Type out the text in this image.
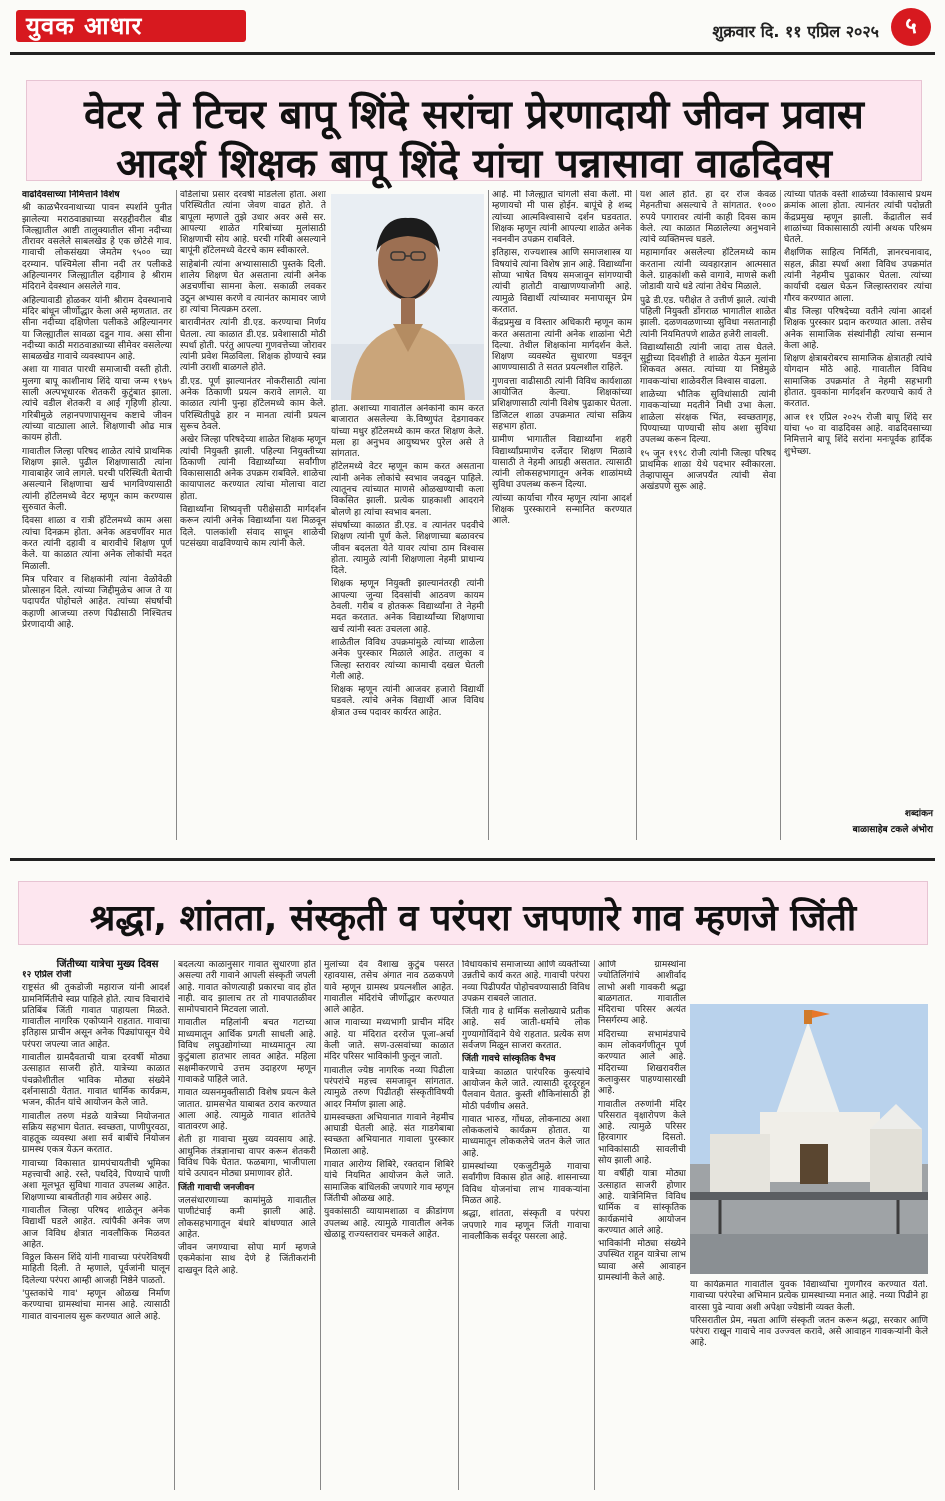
युवक आधार	शुक्रवार दि. ११ एप्रिल २०२५	५
वेटर ते टिचर बापू शिंदे सरांचा प्रेरणादायी जीवन प्रवास
आदर्श शिक्षक बापू शिंदे यांचा पन्नासावा वाढदिवस

वाढदिवसाच्या निमित्ताने विशेष

श्री काळभैरवनाथाच्या पावन स्पर्शाने पुनीत झालेल्या मराठवाड्याच्या सरहद्दीवरील बीड जिल्ह्यातील आष्टी तालुक्यातील सीना नदीच्या तीरावर वसलेले साबलखेड हे एक छोटेसे गाव. गावाची लोकसंख्या जेमतेम ९५०० च्या दरम्यान. पश्चिमेला सीना नदी तर पलीकडे अहिल्यानगर जिल्ह्यातील दहीगाव हे श्रीराम मंदिराने देवस्थान असलेले गाव.

अहिल्यावाडी होळकर यांनी श्रीराम देवस्थानाचे मंदिर बांधून जीर्णोद्धार केला असे म्हणतात. तर सीना नदीच्या दक्षिणेला पलीकडे अहिल्यानगर या जिल्ह्यातील सावळा दडून गाव. असा सीना नदीच्या काठी मराठवाड्याच्या सीमेवर वसलेल्या साबळखेड गावाचे व्यवस्थापन आहे.

अशा या गावात पारधी समाजाची वस्ती होती. मुलगा बापू काशीनाथ शिंदे याचा जन्म १९७५ साली अल्पभूधारक शेतकरी कुटुंबात झाला. त्यांचे वडील शेतकरी व आई गृहिणी होत्या. गरिबीमुळे लहानपणापासूनच कष्टाचे जीवन त्यांच्या वाट्याला आले. शिक्षणाची ओढ मात्र कायम होती.

गावातील जिल्हा परिषद शाळेत त्यांचे प्राथमिक शिक्षण झाले. पुढील शिक्षणासाठी त्यांना गावाबाहेर जावे लागले. घरची परिस्थिती बेताची असल्याने शिक्षणाचा खर्च भागविण्यासाठी त्यांनी हॉटेलमध्ये वेटर म्हणून काम करण्यास सुरुवात केली.

दिवसा शाळा व रात्री हॉटेलमध्ये काम असा त्यांचा दिनक्रम होता. अनेक अडचणींवर मात करत त्यांनी दहावी व बारावीचे शिक्षण पूर्ण केले. या काळात त्यांना अनेक लोकांची मदत मिळाली.

मित्र परिवार व शिक्षकांनी त्यांना वेळोवेळी प्रोत्साहन दिले. त्यांच्या जिद्दीमुळेच आज ते या पदापर्यंत पोहोचले आहेत. त्यांच्या संघर्षाची कहाणी आजच्या तरुण पिढीसाठी निश्चितच प्रेरणादायी आहे.

वडिलांचा प्रसार दरवर्षी मांडलेला होता. अशा परिस्थितीत त्यांना जेवण वाढत होते. ते बापूला म्हणाले तुझे उधार अवर असे सर. आपल्या शाळेत गरिबांच्या मुलांसाठी शिक्षणाची सोय आहे. घरची गरिबी असल्याने बापूंनी हॉटेलमध्ये वेटरचे काम स्वीकारले.

साहेबांनी त्यांना अभ्यासासाठी पुस्तके दिली. शालेय शिक्षण घेत असताना त्यांनी अनेक अडचणींचा सामना केला. सकाळी लवकर उठून अभ्यास करणे व त्यानंतर कामावर जाणे हा त्यांचा नित्यक्रम ठरला.

बारावीनंतर त्यांनी डी.एड. करण्याचा निर्णय घेतला. त्या काळात डी.एड. प्रवेशासाठी मोठी स्पर्धा होती. परंतु आपल्या गुणवत्तेच्या जोरावर त्यांनी प्रवेश मिळविला. शिक्षक होण्याचे स्वप्न त्यांनी उराशी बाळगले होते.

डी.एड. पूर्ण झाल्यानंतर नोकरीसाठी त्यांना अनेक ठिकाणी प्रयत्न करावे लागले. या काळात त्यांनी पुन्हा हॉटेलमध्ये काम केले. परिस्थितीपुढे हार न मानता त्यांनी प्रयत्न सुरूच ठेवले.

अखेर जिल्हा परिषदेच्या शाळेत शिक्षक म्हणून त्यांची नियुक्ती झाली. पहिल्या नियुक्तीच्या ठिकाणी त्यांनी विद्यार्थ्यांच्या सर्वांगीण विकासासाठी अनेक उपक्रम राबविले. शाळेचा कायापालट करण्यात त्यांचा मोलाचा वाटा होता.

विद्यार्थ्यांना शिष्यवृत्ती परीक्षेसाठी मार्गदर्शन करून त्यांनी अनेक विद्यार्थ्यांना यश मिळवून दिले. पालकांशी संवाद साधून शाळेची पटसंख्या वाढविण्याचे काम त्यांनी केले.

होता. अशाच्या गावातील अनेकांनी काम करत बाजारात असलेल्या के.विष्णुपंत देडगावकर यांच्या मधुर हॉटेलमध्ये काम करत शिक्षण केले. मला हा अनुभव आयुष्यभर पुरेल असे ते सांगतात.

हॉटेलमध्ये वेटर म्हणून काम करत असताना त्यांनी अनेक लोकांचे स्वभाव जवळून पाहिले. त्यातूनच त्यांच्यात माणसे ओळखण्याची कला विकसित झाली. प्रत्येक ग्राहकाशी आदराने बोलणे हा त्यांचा स्वभाव बनला.

संघर्षाच्या काळात डी.एड. व त्यानंतर पदवीचे शिक्षण त्यांनी पूर्ण केले. शिक्षणाच्या बळावरच जीवन बदलता येते यावर त्यांचा ठाम विश्वास होता. त्यामुळे त्यांनी शिक्षणाला नेहमी प्राधान्य दिले.

शिक्षक म्हणून नियुक्ती झाल्यानंतरही त्यांनी आपल्या जुन्या दिवसांची आठवण कायम ठेवली. गरीब व होतकरू विद्यार्थ्यांना ते नेहमी मदत करतात. अनेक विद्यार्थ्यांच्या शिक्षणाचा खर्च त्यांनी स्वतः उचलला आहे.

शाळेतील विविध उपक्रमांमुळे त्यांच्या शाळेला अनेक पुरस्कार मिळाले आहेत. तालुका व जिल्हा स्तरावर त्यांच्या कामाची दखल घेतली गेली आहे.

शिक्षक म्हणून त्यांनी आजवर हजारो विद्यार्थी घडवले. त्यांचे अनेक विद्यार्थी आज विविध क्षेत्रात उच्च पदावर कार्यरत आहेत.

आहे. मी जिल्ह्यात चांगली सेवा केली. मी म्हणायचो मी पास होईन. बापूंचे हे शब्द त्यांच्या आत्मविश्वासाचे दर्शन घडवतात. शिक्षक म्हणून त्यांनी आपल्या शाळेत अनेक नवनवीन उपक्रम राबविले.

इतिहास, राज्यशास्त्र आणि समाजशास्त्र या विषयांचे त्यांना विशेष ज्ञान आहे. विद्यार्थ्यांना सोप्या भाषेत विषय समजावून सांगण्याची त्यांची हातोटी वाखाणण्याजोगी आहे. त्यामुळे विद्यार्थी त्यांच्यावर मनापासून प्रेम करतात.

केंद्रप्रमुख व विस्तार अधिकारी म्हणून काम करत असताना त्यांनी अनेक शाळांना भेटी दिल्या. तेथील शिक्षकांना मार्गदर्शन केले. शिक्षण व्यवस्थेत सुधारणा घडवून आणण्यासाठी ते सतत प्रयत्नशील राहिले.

गुणवत्ता वाढीसाठी त्यांनी विविध कार्यशाळा आयोजित केल्या. शिक्षकांच्या प्रशिक्षणासाठी त्यांनी विशेष पुढाकार घेतला. डिजिटल शाळा उपक्रमात त्यांचा सक्रिय सहभाग होता.

ग्रामीण भागातील विद्यार्थ्यांना शहरी विद्यार्थ्यांप्रमाणेच दर्जेदार शिक्षण मिळावे यासाठी ते नेहमी आग्रही असतात. त्यासाठी त्यांनी लोकसहभागातून अनेक शाळांमध्ये सुविधा उपलब्ध करून दिल्या.

त्यांच्या कार्याचा गौरव म्हणून त्यांना आदर्श शिक्षक पुरस्काराने सन्मानित करण्यात आले.

यश आले होते. हा दर रोज केवळ मेहनतीचा असल्याचे ते सांगतात. १००० रुपये पगारावर त्यांनी काही दिवस काम केले. त्या काळात मिळालेल्या अनुभवाने त्यांचे व्यक्तिमत्त्व घडले.

महामार्गावर असलेल्या हॉटेलमध्ये काम करताना त्यांनी व्यवहारज्ञान आत्मसात केले. ग्राहकांशी कसे वागावे, माणसे कशी जोडावी याचे धडे त्यांना तेथेच मिळाले.

पुढे डी.एड. परीक्षेत ते उत्तीर्ण झाले. त्यांची पहिली नियुक्ती डोंगराळ भागातील शाळेत झाली. दळणवळणाच्या सुविधा नसतानाही त्यांनी नियमितपणे शाळेत हजेरी लावली.

विद्यार्थ्यांसाठी त्यांनी जादा तास घेतले. सुट्टीच्या दिवशीही ते शाळेत येऊन मुलांना शिकवत असत. त्यांच्या या निष्ठेमुळे गावकऱ्यांचा शाळेवरील विश्वास वाढला.

शाळेच्या भौतिक सुविधांसाठी त्यांनी गावकऱ्यांच्या मदतीने निधी उभा केला. शाळेला संरक्षक भिंत, स्वच्छतागृह, पिण्याच्या पाण्याची सोय अशा सुविधा उपलब्ध करून दिल्या.

१५ जून १९९८ रोजी त्यांनी जिल्हा परिषद प्राथमिक शाळा येथे पदभार स्वीकारला. तेव्हापासून आजपर्यंत त्यांची सेवा अखंडपणे सुरू आहे.

त्यांच्या पोतके वस्ती शाळेच्या विकासाचे प्रथम क्रमांक आला होता. त्यानंतर त्यांची पदोन्नती केंद्रप्रमुख म्हणून झाली. केंद्रातील सर्व शाळांच्या विकासासाठी त्यांनी अथक परिश्रम घेतले.

शैक्षणिक साहित्य निर्मिती, ज्ञानरचनावाद, सहल, क्रीडा स्पर्धा अशा विविध उपक्रमांत त्यांनी नेहमीच पुढाकार घेतला. त्यांच्या कार्याची दखल घेऊन जिल्हास्तरावर त्यांचा गौरव करण्यात आला.

बीड जिल्हा परिषदेच्या वतीने त्यांना आदर्श शिक्षक पुरस्कार प्रदान करण्यात आला. तसेच अनेक सामाजिक संस्थांनीही त्यांचा सन्मान केला आहे.

शिक्षण क्षेत्राबरोबरच सामाजिक क्षेत्रातही त्यांचे योगदान मोठे आहे. गावातील विविध सामाजिक उपक्रमांत ते नेहमी सहभागी होतात. युवकांना मार्गदर्शन करण्याचे कार्य ते करतात.

आज ११ एप्रिल २०२५ रोजी बापू शिंदे सर यांचा ५० वा वाढदिवस आहे. वाढदिवसाच्या निमित्ताने बापू शिंदे सरांना मनःपूर्वक हार्दिक शुभेच्छा.

शब्दांकन
बाळासाहेब टकले अंभोरा
श्रद्धा, शांतता, संस्कृती व परंपरा जपणारे गाव म्हणजे जिंती
जिंतीच्या यात्रेचा मुख्य दिवस

१२ एप्रिल रोजी

राष्ट्रसंत श्री तुकडोजी महाराज यांनी आदर्श ग्रामनिर्मितीचे स्वप्न पाहिले होते. त्याच विचारांचे प्रतिबिंब जिंती गावात पाहायला मिळते. गावातील नागरिक एकोप्याने राहतात. गावाचा इतिहास प्राचीन असून अनेक पिढ्यांपासून येथे परंपरा जपल्या जात आहेत.

गावातील ग्रामदैवताची यात्रा दरवर्षी मोठ्या उत्साहात साजरी होते. यात्रेच्या काळात पंचक्रोशीतील भाविक मोठ्या संख्येने दर्शनासाठी येतात. गावात धार्मिक कार्यक्रम, भजन, कीर्तन यांचे आयोजन केले जाते.

गावातील तरुण मंडळे यात्रेच्या नियोजनात सक्रिय सहभाग घेतात. स्वच्छता, पाणीपुरवठा, वाहतूक व्यवस्था अशा सर्व बाबींचे नियोजन ग्रामस्थ एकत्र येऊन करतात.

गावाच्या विकासात ग्रामपंचायतीची भूमिका महत्त्वाची आहे. रस्ते, पथदिवे, पिण्याचे पाणी अशा मूलभूत सुविधा गावात उपलब्ध आहेत. शिक्षणाच्या बाबतीतही गाव अग्रेसर आहे.

गावातील जिल्हा परिषद शाळेतून अनेक विद्यार्थी घडले आहेत. त्यांपैकी अनेक जण आज विविध क्षेत्रात नावलौकिक मिळवत आहेत.

विठ्ठल किसन शिंदे यांनी गावाच्या परंपरेविषयी माहिती दिली. ते म्हणाले, पूर्वजांनी घालून दिलेल्या परंपरा आम्ही आजही निष्ठेने पाळतो.

'पुस्तकांचे गाव' म्हणून ओळख निर्माण करण्याचा ग्रामस्थांचा मानस आहे. त्यासाठी गावात वाचनालय सुरू करण्यात आले आहे.

बदलत्या काळानुसार गावात सुधारणा होत असल्या तरी गावाने आपली संस्कृती जपली आहे. गावात कोणत्याही प्रकारचा वाद होत नाही. वाद झालाच तर तो गावपातळीवर सामोपचाराने मिटवला जातो.

गावातील महिलांनी बचत गटाच्या माध्यमातून आर्थिक प्रगती साधली आहे. विविध लघुउद्योगांच्या माध्यमातून त्या कुटुंबाला हातभार लावत आहेत. महिला सक्षमीकरणाचे उत्तम उदाहरण म्हणून गावाकडे पाहिले जाते.

गावात व्यसनमुक्तीसाठी विशेष प्रयत्न केले जातात. ग्रामसभेत याबाबत ठराव करण्यात आला आहे. त्यामुळे गावात शांततेचे वातावरण आहे.

शेती हा गावाचा मुख्य व्यवसाय आहे. आधुनिक तंत्रज्ञानाचा वापर करून शेतकरी विविध पिके घेतात. फळबागा, भाजीपाला यांचे उत्पादन मोठ्या प्रमाणावर होते.

जिंती गावाची जनजीवन

जलसंधारणाच्या कामांमुळे गावातील पाणीटंचाई कमी झाली आहे. लोकसहभागातून बंधारे बांधण्यात आले आहेत.

जीवन जगण्याचा सोपा मार्ग म्हणजे एकमेकांना साथ देणे हे जिंतीकरांनी दाखवून दिले आहे.

मुलांच्या देव वैशाख कुटुंब पसरत रहावयास, तसेच अंगात नाव ठळकपणे यावे म्हणून ग्रामस्थ प्रयत्नशील आहेत. गावातील मंदिरांचे जीर्णोद्धार करण्यात आले आहेत.

आज गावाच्या मध्यभागी प्राचीन मंदिर आहे. या मंदिरात दररोज पूजा-अर्चा केली जाते. सण-उत्सवांच्या काळात मंदिर परिसर भाविकांनी फुलून जातो.

गावातील ज्येष्ठ नागरिक नव्या पिढीला परंपरांचे महत्त्व समजावून सांगतात. त्यामुळे तरुण पिढीतही संस्कृतीविषयी आदर निर्माण झाला आहे.

ग्रामस्वच्छता अभियानात गावाने नेहमीच आघाडी घेतली आहे. संत गाडगेबाबा स्वच्छता अभियानात गावाला पुरस्कार मिळाला आहे.

गावात आरोग्य शिबिरे, रक्तदान शिबिरे यांचे नियमित आयोजन केले जाते. सामाजिक बांधिलकी जपणारे गाव म्हणून जिंतीची ओळख आहे.

युवकांसाठी व्यायामशाळा व क्रीडांगण उपलब्ध आहे. त्यामुळे गावातील अनेक खेळाडू राज्यस्तरावर चमकले आहेत.

विधायकांचे समाजाच्या आणि व्यक्तींच्या उन्नतीचे कार्य करत आहे. गावाची परंपरा नव्या पिढीपर्यंत पोहोचवण्यासाठी विविध उपक्रम राबवले जातात.

जिंती गाव हे धार्मिक सलोख्याचे प्रतीक आहे. सर्व जाती-धर्माचे लोक गुण्यागोविंदाने येथे राहतात. प्रत्येक सण सर्वजण मिळून साजरा करतात.

जिंती गावचे सांस्कृतिक वैभव

यात्रेच्या काळात पारंपरिक कुस्त्यांचे आयोजन केले जाते. त्यासाठी दूरदूरहून पैलवान येतात. कुस्ती शौकिनांसाठी ही मोठी पर्वणीच असते.

गावात भारुड, गोंधळ, लोकनाट्य अशा लोककलांचे कार्यक्रम होतात. या माध्यमातून लोककलेचे जतन केले जात आहे.

ग्रामस्थांच्या एकजुटीमुळे गावाचा सर्वांगीण विकास होत आहे. शासनाच्या विविध योजनांचा लाभ गावकऱ्यांना मिळत आहे.

श्रद्धा, शांतता, संस्कृती व परंपरा जपणारे गाव म्हणून जिंती गावाचा नावलौकिक सर्वदूर पसरला आहे.

आणि ग्रामस्थांना ज्योतिलिंगांचे आशीर्वाद लाभो अशी गावकरी श्रद्धा बाळगतात. गावातील मंदिराचा परिसर अत्यंत निसर्गरम्य आहे.

मंदिराच्या सभामंडपाचे काम लोकवर्गणीतून पूर्ण करण्यात आले आहे. मंदिराच्या शिखरावरील कलाकुसर पाहण्यासारखी आहे.

गावातील तरुणांनी मंदिर परिसरात वृक्षारोपण केले आहे. त्यामुळे परिसर हिरवागार दिसतो. भाविकांसाठी सावलीची सोय झाली आहे.

या वर्षीही यात्रा मोठ्या उत्साहात साजरी होणार आहे. यात्रेनिमित्त विविध धार्मिक व सांस्कृतिक कार्यक्रमांचे आयोजन करण्यात आले आहे.

भाविकांनी मोठ्या संख्येने उपस्थित राहून यात्रेचा लाभ घ्यावा असे आवाहन ग्रामस्थांनी केले आहे.

या कार्यक्रमात गावातील युवक विद्यार्थ्यांचा गुणगौरव करण्यात येतो. गावाच्या परंपरेचा अभिमान प्रत्येक ग्रामस्थाच्या मनात आहे. नव्या पिढीने हा वारसा पुढे न्यावा अशी अपेक्षा ज्येष्ठांनी व्यक्त केली.

परिसरातील प्रेम, नम्रता आणि संस्कृती जतन करून श्रद्धा, सरकार आणि परंपरा राखून गावाचे नाव उज्ज्वल करावे, असे आवाहन गावकऱ्यांनी केले आहे.
